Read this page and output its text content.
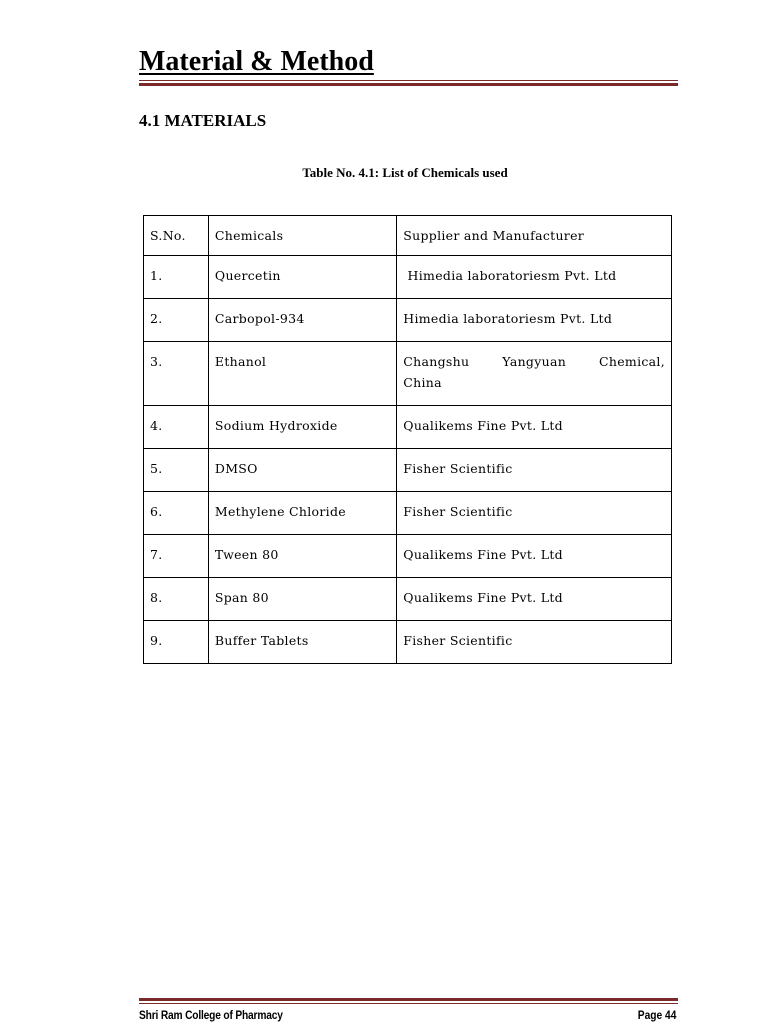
Material & Method
4.1 MATERIALS
Table No. 4.1: List of Chemicals used
S.No.	Chemicals	Supplier and Manufacturer
1.	Quercetin	Himedia laboratoriesm Pvt. Ltd
2.	Carbopol-934	Himedia laboratoriesm Pvt. Ltd
3.	Ethanol	Changshu Yangyuan Chemical,
China

4.	Sodium Hydroxide	Qualikems Fine Pvt. Ltd
5.	DMSO	Fisher Scientific
6.	Methylene Chloride	Fisher Scientific
7.	Tween 80	Qualikems Fine Pvt. Ltd
8.	Span 80	Qualikems Fine Pvt. Ltd
9.	Buffer Tablets	Fisher Scientific
Shri Ram College of Pharmacy	Page 44
